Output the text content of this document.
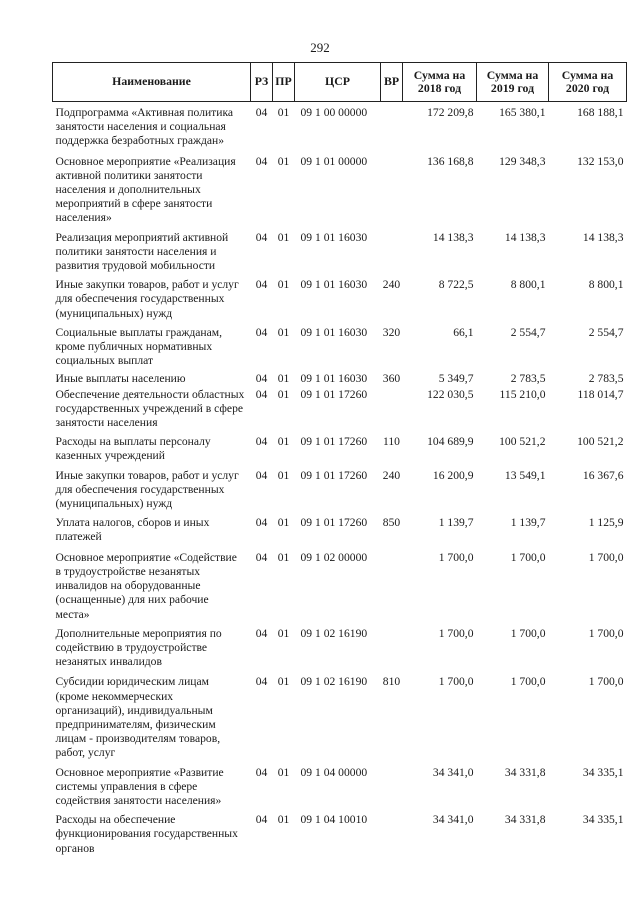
292
Наименование	РЗ	ПР	ЦСР	ВР	Сумма на 2018 год	Сумма на 2019 год	Сумма на 2020 год
Подпрограмма «Активная политика занятости населения и социальная поддержка безработных граждан»	04	01	09 1 00 00000		172 209,8	165 380,1	168 188,1
Основное мероприятие «Реализация активной политики занятости населения и дополнительных мероприятий в сфере занятости населения»	04	01	09 1 01 00000		136 168,8	129 348,3	132 153,0
Реализация мероприятий активной политики занятости населения и развития трудовой мобильности	04	01	09 1 01 16030		14 138,3	14 138,3	14 138,3
Иные закупки товаров, работ и услуг для обеспечения государственных (муниципальных) нужд	04	01	09 1 01 16030	240	8 722,5	8 800,1	8 800,1
Социальные выплаты гражданам, кроме публичных нормативных социальных выплат	04	01	09 1 01 16030	320	66,1	2 554,7	2 554,7
Иные выплаты населению	04	01	09 1 01 16030	360	5 349,7	2 783,5	2 783,5
Обеспечение деятельности областных государственных учреждений в сфере занятости населения	04	01	09 1 01 17260		122 030,5	115 210,0	118 014,7
Расходы на выплаты персоналу казенных учреждений	04	01	09 1 01 17260	110	104 689,9	100 521,2	100 521,2
Иные закупки товаров, работ и услуг для обеспечения государственных (муниципальных) нужд	04	01	09 1 01 17260	240	16 200,9	13 549,1	16 367,6
Уплата налогов, сборов и иных платежей	04	01	09 1 01 17260	850	1 139,7	1 139,7	1 125,9
Основное мероприятие «Содействие в трудоустройстве незанятых инвалидов на оборудованные (оснащенные) для них рабочие места»	04	01	09 1 02 00000		1 700,0	1 700,0	1 700,0
Дополнительные мероприятия по содействию в трудоустройстве незанятых инвалидов	04	01	09 1 02 16190		1 700,0	1 700,0	1 700,0
Субсидии юридическим лицам (кроме некоммерческих организаций), индивидуальным предпринимателям, физическим лицам - производителям товаров, работ, услуг	04	01	09 1 02 16190	810	1 700,0	1 700,0	1 700,0
Основное мероприятие «Развитие системы управления в сфере содействия занятости населения»	04	01	09 1 04 00000		34 341,0	34 331,8	34 335,1
Расходы на обеспечение функционирования государственных органов	04	01	09 1 04 10010		34 341,0	34 331,8	34 335,1
